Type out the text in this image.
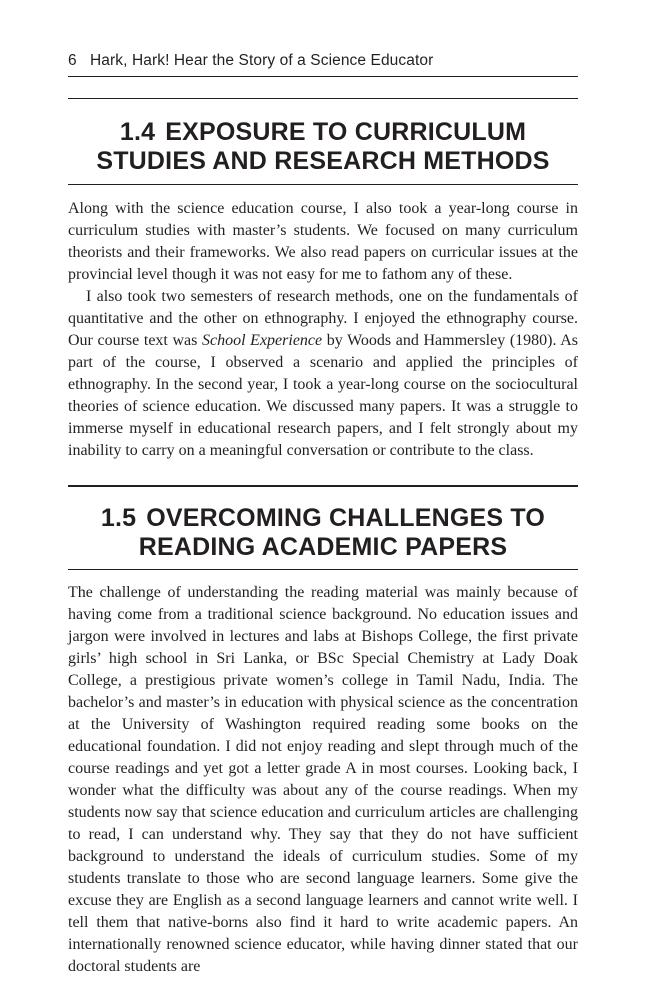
6 Hark, Hark! Hear the Story of a Science Educator
1.4 EXPOSURE TO CURRICULUM
STUDIES AND RESEARCH METHODS

Along with the science education course, I also took a year-long course in curriculum studies with master’s students. We focused on many curriculum theorists and their frameworks. We also read papers on curricular issues at the provincial level though it was not easy for me to fathom any of these.

I also took two semesters of research methods, one on the fundamentals of quantitative and the other on ethnography. I enjoyed the ethnography course. Our course text was School Experience by Woods and Hammersley (1980). As part of the course, I observed a scenario and applied the principles of ethnography. In the second year, I took a year-long course on the sociocultural theories of science education. We discussed many papers. It was a struggle to immerse myself in educational research papers, and I felt strongly about my inability to carry on a meaningful conversation or contribute to the class.

1.5 OVERCOMING CHALLENGES TO
READING ACADEMIC PAPERS

The challenge of understanding the reading material was mainly because of having come from a traditional science background. No education issues and jargon were involved in lectures and labs at Bishops College, the first private girls’ high school in Sri Lanka, or BSc Special Chemistry at Lady Doak College, a prestigious private women’s college in Tamil Nadu, India. The bachelor’s and master’s in education with physical science as the concentration at the University of Washington required reading some books on the educational foundation. I did not enjoy reading and slept through much of the course readings and yet got a letter grade A in most courses. Looking back, I wonder what the difficulty was about any of the course readings. When my students now say that science education and curriculum articles are challenging to read, I can understand why. They say that they do not have sufficient background to understand the ideals of curriculum studies. Some of my students translate to those who are second language learners. Some give the excuse they are English as a second language learners and cannot write well. I tell them that native-borns also find it hard to write academic papers. An internationally renowned science educator, while having dinner stated that our doctoral students are
